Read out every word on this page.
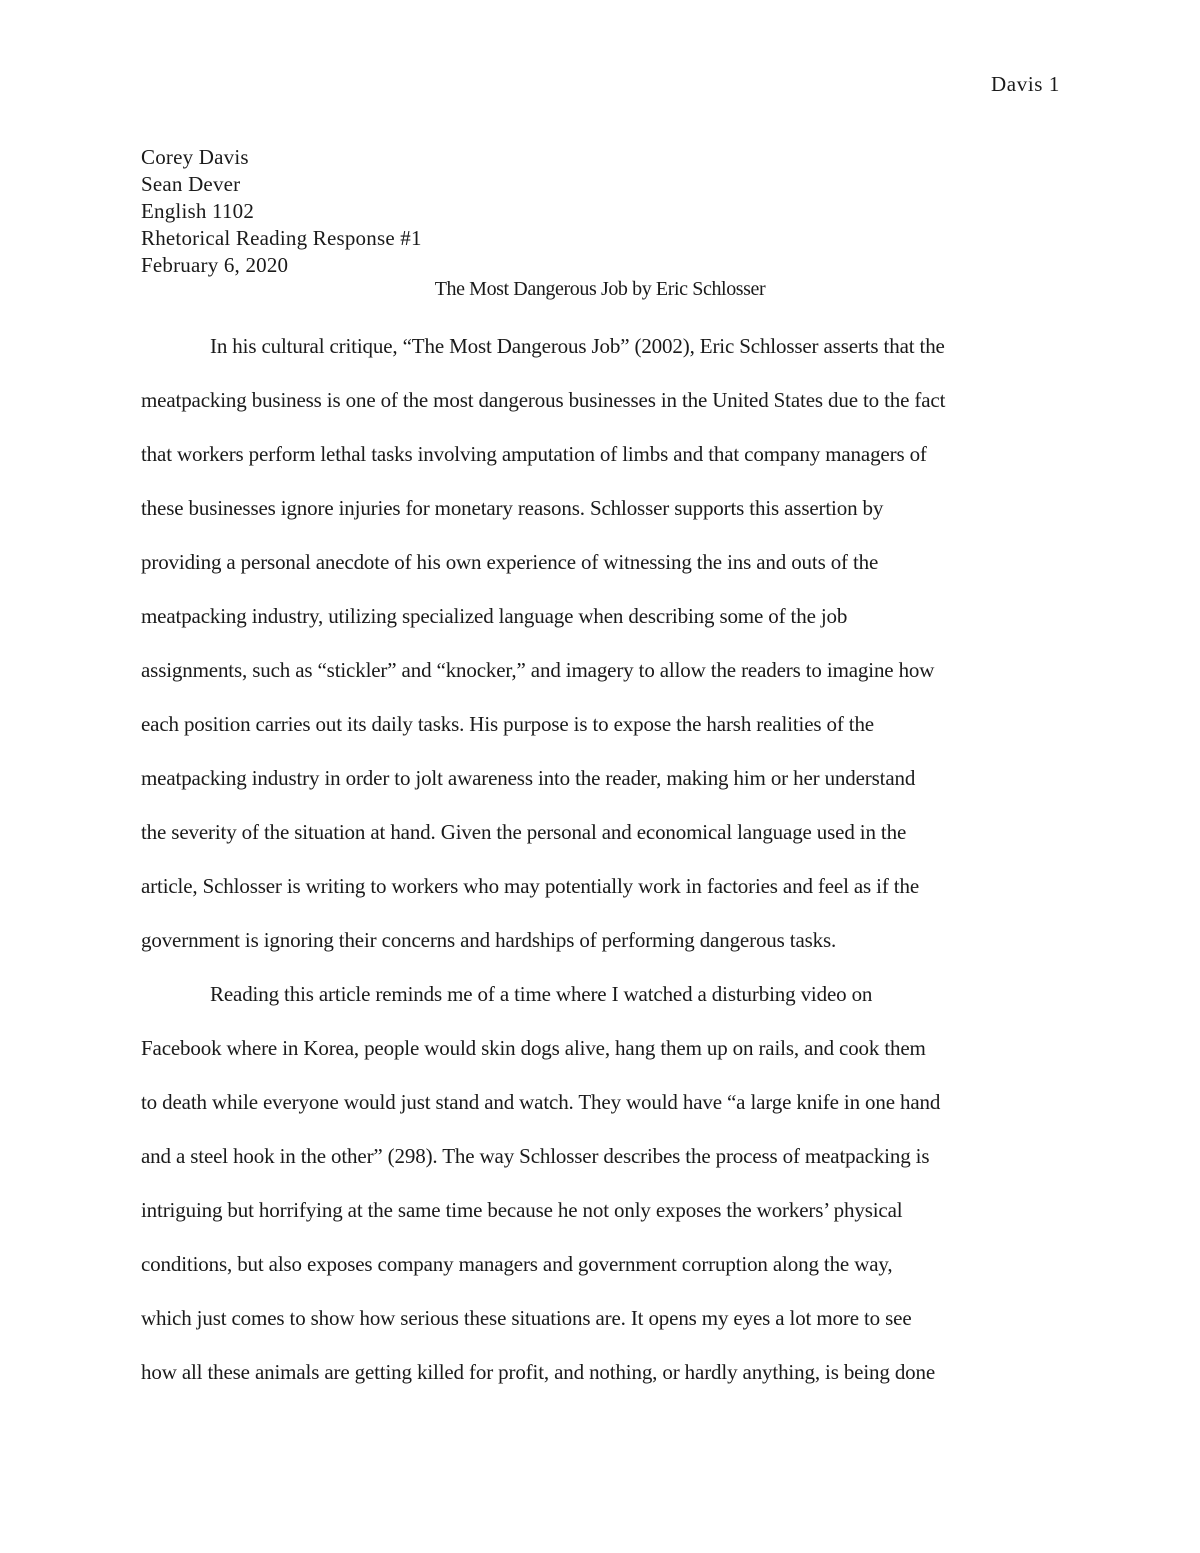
Davis 1
Corey Davis
Sean Dever
English 1102
Rhetorical Reading Response #1
February 6, 2020
The Most Dangerous Job by Eric Schlosser
In his cultural critique, “The Most Dangerous Job” (2002), Eric Schlosser asserts that the
meatpacking business is one of the most dangerous businesses in the United States due to the fact
that workers perform lethal tasks involving amputation of limbs and that company managers of
these businesses ignore injuries for monetary reasons. Schlosser supports this assertion by
providing a personal anecdote of his own experience of witnessing the ins and outs of the
meatpacking industry, utilizing specialized language when describing some of the job
assignments, such as “stickler” and “knocker,” and imagery to allow the readers to imagine how
each position carries out its daily tasks. His purpose is to expose the harsh realities of the
meatpacking industry in order to jolt awareness into the reader, making him or her understand
the severity of the situation at hand. Given the personal and economical language used in the
article, Schlosser is writing to workers who may potentially work in factories and feel as if the
government is ignoring their concerns and hardships of performing dangerous tasks.
Reading this article reminds me of a time where I watched a disturbing video on
Facebook where in Korea, people would skin dogs alive, hang them up on rails, and cook them
to death while everyone would just stand and watch. They would have “a large knife in one hand
and a steel hook in the other” (298). The way Schlosser describes the process of meatpacking is
intriguing but horrifying at the same time because he not only exposes the workers’ physical
conditions, but also exposes company managers and government corruption along the way,
which just comes to show how serious these situations are. It opens my eyes a lot more to see
how all these animals are getting killed for profit, and nothing, or hardly anything, is being done
